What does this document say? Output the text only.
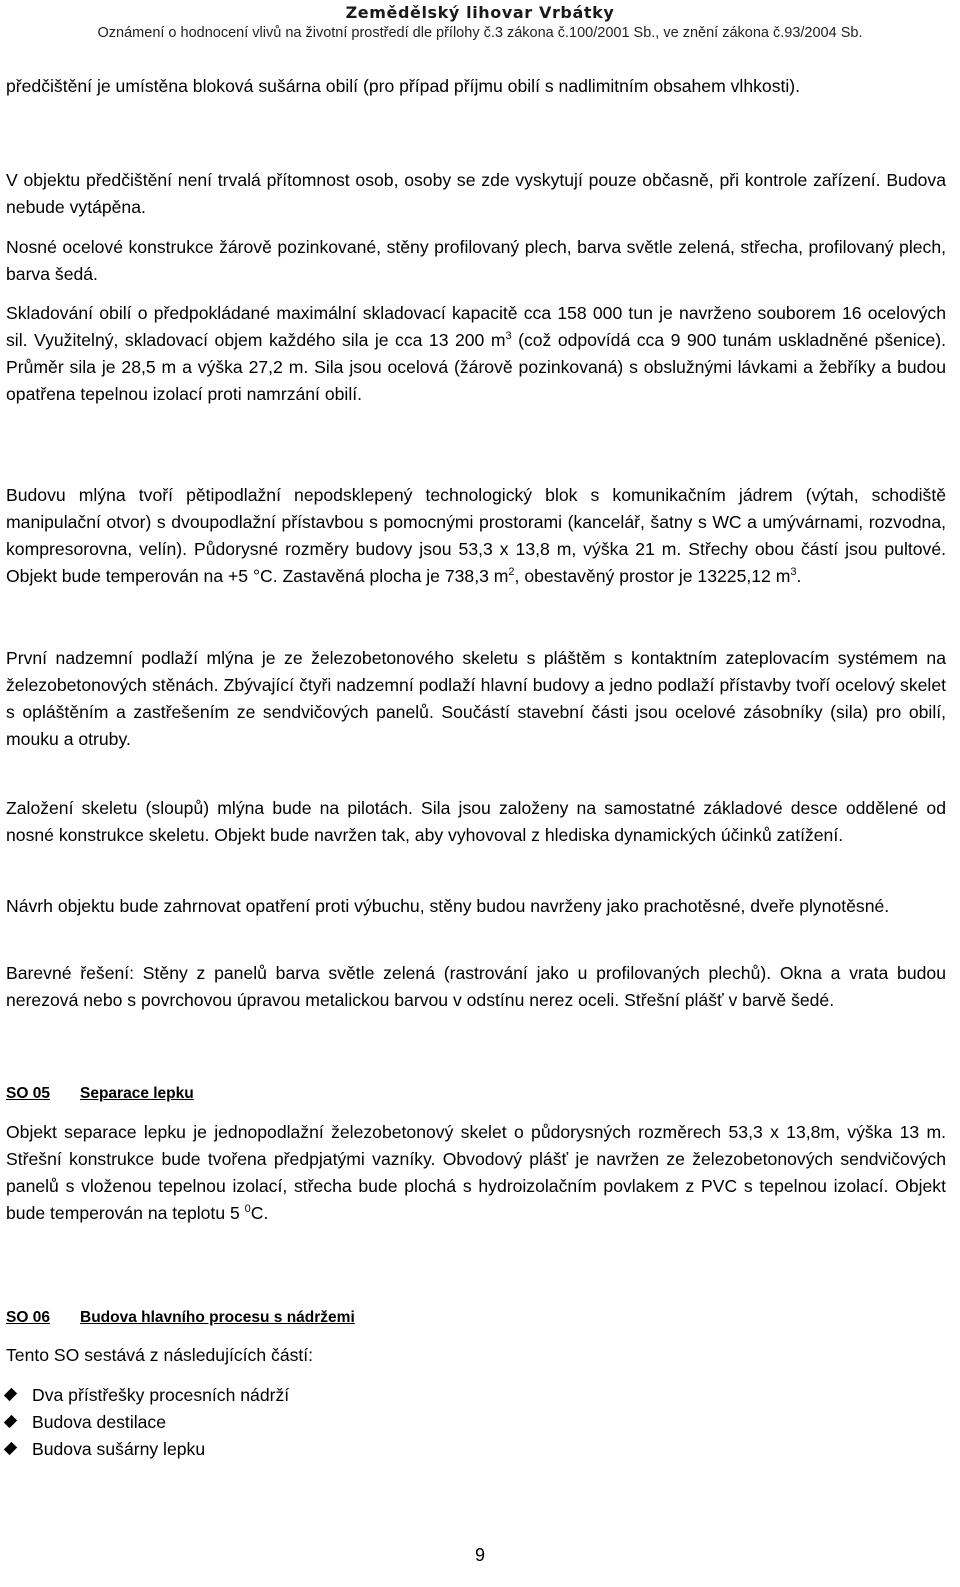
Zemědělský lihovar Vrbátky
Oznámení o hodnocení vlivů na životní prostředí dle přílohy č.3 zákona č.100/2001 Sb., ve znění zákona č.93/2004 Sb.

předčištění je umístěna bloková sušárna obilí (pro případ příjmu obilí s nadlimitním obsahem vlhkosti).

V objektu předčištění není trvalá přítomnost osob, osoby se zde vyskytují pouze občasně, při kontrole zařízení. Budova nebude vytápěna.

Nosné ocelové konstrukce žárově pozinkované, stěny profilovaný plech, barva světle zelená, střecha, profilovaný plech, barva šedá.

Skladování obilí o předpokládané maximální skladovací kapacitě cca 158 000 tun je navrženo souborem 16 ocelových sil. Využitelný, skladovací objem každého sila je cca 13 200 $m^3$ (což odpovídá cca 9 900 tunám uskladněné pšenice). Průměr sila je 28,5 m a výška 27,2 m. Sila jsou ocelová (žárově pozinkovaná) s obslužnými lávkami a žebříky a budou opatřena tepelnou izolací proti namrzání obilí.

Budovu mlýna tvoří pětipodlažní nepodsklepený technologický blok s komunikačním jádrem (výtah, schodiště manipulační otvor) s dvoupodlažní přístavbou s pomocnými prostorami (kancelář, šatny s WC a umývárnami, rozvodna, kompresorovna, velín). Půdorysné rozměry budovy jsou 53,3 x 13,8 m, výška 21 m. Střechy obou částí jsou pultové. Objekt bude temperován na +5 °C. Zastavěná plocha je 738,3 $m^2$, obestavěný prostor je 13225,12 $m^3$.

První nadzemní podlaží mlýna je ze železobetonového skeletu s pláštěm s kontaktním zateplovacím systémem na železobetonových stěnách. Zbývající čtyři nadzemní podlaží hlavní budovy a jedno podlaží přístavby tvoří ocelový skelet s opláštěním a zastřešením ze sendvičových panelů. Součástí stavební části jsou ocelové zásobníky (sila) pro obilí, mouku a otruby.

Založení skeletu (sloupů) mlýna bude na pilotách. Sila jsou založeny na samostatné základové desce oddělené od nosné konstrukce skeletu. Objekt bude navržen tak, aby vyhovoval z hlediska dynamických účinků zatížení.

Návrh objektu bude zahrnovat opatření proti výbuchu, stěny budou navrženy jako prachotěsné, dveře plynotěsné.

Barevné řešení: Stěny z panelů barva světle zelená (rastrování jako u profilovaných plechů). Okna a vrata budou nerezová nebo s povrchovou úpravou metalickou barvou v odstínu nerez oceli. Střešní plášť v barvě šedé.

SO 05 Separace lepku

Objekt separace lepku je jednopodlažní železobetonový skelet o půdorysných rozměrech 53,3 x 13,8m, výška 13 m. Střešní konstrukce bude tvořena předpjatými vazníky. Obvodový plášť je navržen ze železobetonových sendvičových panelů s vloženou tepelnou izolací, střecha bude plochá s hydroizolačním povlakem z PVC s tepelnou izolací. Objekt bude temperován na teplotu 5 $^0$C.

SO 06 Budova hlavního procesu s nádržemi

Tento SO sestává z následujících částí:

Dva přístřešky procesních nádrží
Budova destilace
Budova sušárny lepku
9
